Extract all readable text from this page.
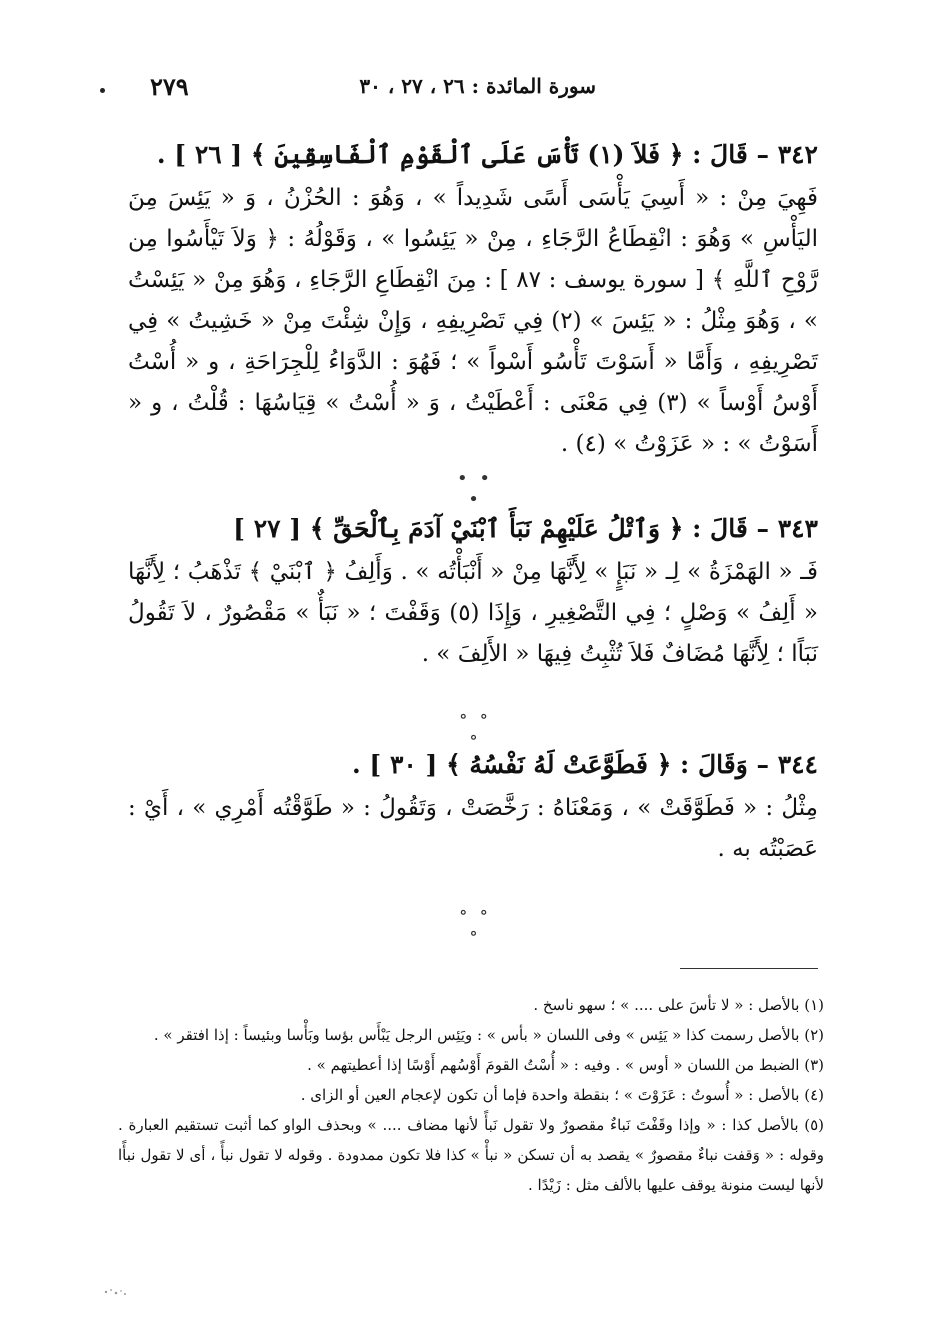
سورة المائدة : ٢٦ ، ٢٧ ، ٣٠
٢٧٩
٣٤٢ – قَالَ : ﴿ فَلاَ (١) تَأْسَ عَلَى ٱلْقَوْمِ ٱلْفَاسِقِينَ ﴾ [ ٢٦ ] .
فَهِيَ مِنْ : « أَسِيَ يَأْسَى أَسًى شَدِيداً » ، وَهُوَ : الحُزْنُ ، وَ « يَئِسَ مِنَ اليَأْسِ » وَهُوَ : انْقِطَاعُ الرَّجَاءِ ، مِنْ « يَئِسُوا » ، وَقَوْلُهُ : ﴿ وَلاَ تَيْأَسُوا مِن رَّوْحِ ٱللَّهِ ﴾ [ سورة يوسف : ٨٧ ] : مِنَ انْقِطَاعِ الرَّجَاءِ ، وَهُوَ مِنْ « يَئِسْتُ » ، وَهُوَ مِثْلُ : « يَئِسَ » (٢) فِي تَصْرِيفِهِ ، وَإِنْ شِئْتَ مِنْ « خَشِيتُ » فِي تَصْرِيفِهِ ، وَأَمَّا « أَسَوْتَ تَأْسُو أَسْواً » ؛ فَهُوَ : الدَّوَاءُ لِلْجِرَاحَةِ ، و « أُسْتُ أَوْسُ أَوْساً » (٣) فِي مَعْنَى : أَعْطَيْتُ ، وَ « أُسْتُ » قِيَاسُهَا : قُلْتُ ، و « أَسَوْتُ » : « عَزَوْتُ » (٤) .
• • •
٣٤٣ – قَالَ : ﴿ وَٱتْلُ عَلَيْهِمْ نَبَأَ ٱبْنَيْ آدَمَ بِٱلْحَقِّ ﴾ [ ٢٧ ]
فَـ « الهَمْزَةُ » لِـ « نَبَإٍ » لِأَنَّهَا مِنْ « أَنْبَأْتُه » . وَأَلِفُ ﴿ ٱبْنَيْ ﴾ تَذْهَبُ ؛ لِأَنَّهَا « أَلِفُ » وَصْلٍ ؛ فِي التَّصْغِيرِ ، وَإِذَا (٥) وَقَفْتَ ؛ « نَبَأٌ » مَقْصُورٌ ، لاَ تَقُولُ نَبَاًا ؛ لِأَنَّهَا مُضَافٌ فَلاَ تُثْبِتُ فِيهَا « الأَلِفَ » .
∘ ∘ ∘
٣٤٤ – وَقَالَ : ﴿ فَطَوَّعَتْ لَهُ نَفْسُهُ ﴾ [ ٣٠ ] .
مِثْلُ : « فَطَوَّقَتْ » ، وَمَعْنَاهُ : رَخَّصَتْ ، وَتَقُولُ : « طَوَّقْتُه أَمْرِي » ، أَيْ : عَصَبْتُه به .
∘ ∘ ∘
(١) بالأصل : « لا تأسَ على .... » ؛ سهو ناسخ .
(٢) بالأصل رسمت كذا « يَئِس » وفى اللسان « بأس » : ويَئِس الرجل يَبْأَس بؤسا وبَأْسا وبئيساً : إذا افتقر » .
(٣) الضبط من اللسان « أوس » . وفيه : « أُسْتُ القومَ أَوْسُهم أَوْسًا إذا أعطيتهم » .
(٤) بالأصل : « أُسوتُ : عَزَوْتَ » ؛ بنقطة واحدة فإما أن تكون لإعجام العين أو الزاى .
(٥) بالأصل كذا : « وإذا وقَفْتَ نَباءٌ مقصورٌ ولا تقول نَبأً لأنها مضاف .... » وبحذف الواو كما أثبت تستقيم العبارة . وقوله : « وَقفت نباءٌ مقصورٌ » يقصد به أن تسكن « نبأْ » كذا فلا تكون ممدودة . وقوله لا تقول نبأً ، أى لا تقول نبأًا لأنها ليست منونة يوقف عليها بالألف مثل : زَيْدًا .
